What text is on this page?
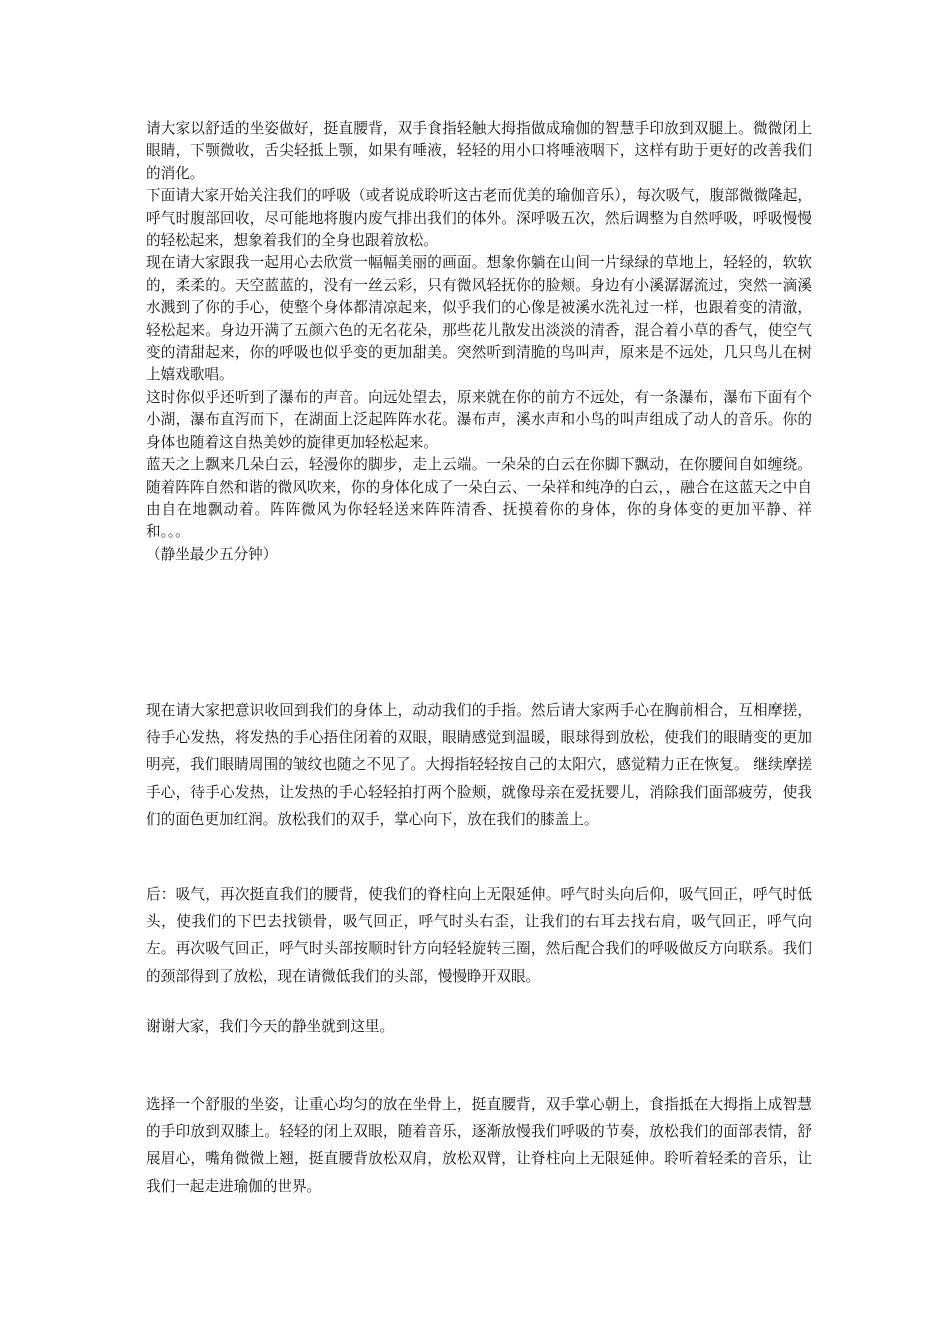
请大家以舒适的坐姿做好，挺直腰背，双手食指轻触大拇指做成瑜伽的智慧手印放到双腿上。微微闭上眼睛，下颚微收，舌尖轻抵上颚，如果有唾液，轻轻的用小口将唾液咽下，这样有助于更好的改善我们的消化。

下面请大家开始关注我们的呼吸（或者说成聆听这古老而优美的瑜伽音乐），每次吸气，腹部微微隆起，呼气时腹部回收，尽可能地将腹内废气排出我们的体外。深呼吸五次，然后调整为自然呼吸，呼吸慢慢的轻松起来，想象着我们的全身也跟着放松。

现在请大家跟我一起用心去欣赏一幅幅美丽的画面。想象你躺在山间一片绿绿的草地上，轻轻的，软软的，柔柔的。天空蓝蓝的，没有一丝云彩，只有微风轻抚你的脸颊。身边有小溪潺潺流过，突然一滴溪水溅到了你的手心，使整个身体都清凉起来，似乎我们的心像是被溪水洗礼过一样，也跟着变的清澈，轻松起来。身边开满了五颜六色的无名花朵，那些花儿散发出淡淡的清香，混合着小草的香气，使空气变的清甜起来，你的呼吸也似乎变的更加甜美。突然听到清脆的鸟叫声，原来是不远处，几只鸟儿在树上嬉戏歌唱。

这时你似乎还听到了瀑布的声音。向远处望去，原来就在你的前方不远处，有一条瀑布，瀑布下面有个小湖，瀑布直泻而下，在湖面上泛起阵阵水花。瀑布声，溪水声和小鸟的叫声组成了动人的音乐。你的身体也随着这自热美妙的旋律更加轻松起来。

蓝天之上飘来几朵白云，轻漫你的脚步，走上云端。一朵朵的白云在你脚下飘动，在你腰间自如缠绕。随着阵阵自然和谐的微风吹来，你的身体化成了一朵白云、一朵祥和纯净的白云，，融合在这蓝天之中自由自在地飘动着。阵阵微风为你轻轻送来阵阵清香、抚摸着你的身体，你的身体变的更加平静、祥和。。。

（静坐最少五分钟）

现在请大家把意识收回到我们的身体上，动动我们的手指。然后请大家两手心在胸前相合，互相摩搓，待手心发热，将发热的手心捂住闭着的双眼，眼睛感觉到温暖，眼球得到放松，使我们的眼睛变的更加明亮，我们眼睛周围的皱纹也随之不见了。大拇指轻轻按自己的太阳穴，感觉精力正在恢复。 继续摩搓手心，待手心发热，让发热的手心轻轻拍打两个脸颊，就像母亲在爱抚婴儿，消除我们面部疲劳，使我们的面色更加红润。放松我们的双手，掌心向下，放在我们的膝盖上。

后：吸气，再次挺直我们的腰背，使我们的脊柱向上无限延伸。呼气时头向后仰，吸气回正，呼气时低头，使我们的下巴去找锁骨，吸气回正，呼气时头右歪，让我们的右耳去找右肩，吸气回正，呼气向左。再次吸气回正，呼气时头部按顺时针方向轻轻旋转三圈，然后配合我们的呼吸做反方向联系。我们的颈部得到了放松，现在请微低我们的头部，慢慢睁开双眼。

谢谢大家，我们今天的静坐就到这里。

选择一个舒服的坐姿，让重心均匀的放在坐骨上，挺直腰背，双手掌心朝上，食指抵在大拇指上成智慧的手印放到双膝上。轻轻的闭上双眼，随着音乐，逐渐放慢我们呼吸的节奏，放松我们的面部表情，舒展眉心，嘴角微微上翘，挺直腰背放松双肩，放松双臂，让脊柱向上无限延伸。聆听着轻柔的音乐，让我们一起走进瑜伽的世界。
